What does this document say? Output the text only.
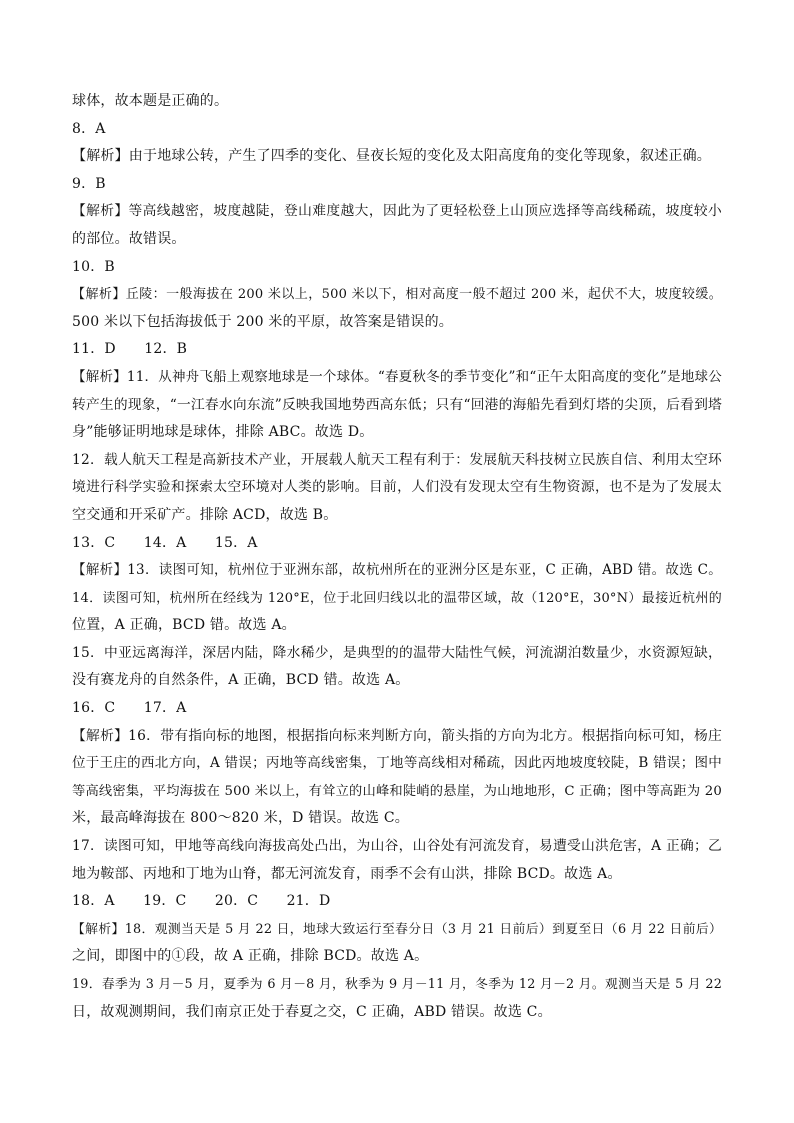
球体，故本题是正确的。
8．A
【解析】由于地球公转，产生了四季的变化、昼夜长短的变化及太阳高度角的变化等现象，叙述正确。
9．B
【解析】等高线越密，坡度越陡，登山难度越大，因此为了更轻松登上山顶应选择等高线稀疏，坡度较小
的部位。故错误。
10．B
【解析】丘陵：一般海拔在 200 米以上，500 米以下，相对高度一般不超过 200 米，起伏不大，坡度较缓。
500 米以下包括海拔低于 200 米的平原，故答案是错误的。
11．D　　12．B
【解析】11．从神舟飞船上观察地球是一个球体。“春夏秋冬的季节变化”和“正午太阳高度的变化”是地球公
转产生的现象，“一江春水向东流”反映我国地势西高东低；只有“回港的海船先看到灯塔的尖顶，后看到塔
身”能够证明地球是球体，排除 ABC。故选 D。
12．载人航天工程是高新技术产业，开展载人航天工程有利于：发展航天科技树立民族自信、利用太空环
境进行科学实验和探索太空环境对人类的影响。目前，人们没有发现太空有生物资源，也不是为了发展太
空交通和开采矿产。排除 ACD，故选 B。
13．C　　14．A　　15．A
【解析】13．读图可知，杭州位于亚洲东部，故杭州所在的亚洲分区是东亚，C 正确，ABD 错。故选 C。
14．读图可知，杭州所在经线为 120°E，位于北回归线以北的温带区域，故（120°E，30°N）最接近杭州的
位置，A 正确，BCD 错。故选 A。
15．中亚远离海洋，深居内陆，降水稀少，是典型的的温带大陆性气候，河流湖泊数量少，水资源短缺，
没有赛龙舟的自然条件，A 正确，BCD 错。故选 A。
16．C　　17．A
【解析】16．带有指向标的地图，根据指向标来判断方向，箭头指的方向为北方。根据指向标可知，杨庄
位于王庄的西北方向，A 错误；丙地等高线密集，丁地等高线相对稀疏，因此丙地坡度较陡，B 错误；图中
等高线密集，平均海拔在 500 米以上，有耸立的山峰和陡峭的悬崖，为山地地形，C 正确；图中等高距为 20
米，最高峰海拔在 800～820 米，D 错误。故选 C。
17．读图可知，甲地等高线向海拔高处凸出，为山谷，山谷处有河流发育，易遭受山洪危害，A 正确；乙
地为鞍部、丙地和丁地为山脊，都无河流发育，雨季不会有山洪，排除 BCD。故选 A。
18．A　　19．C　　20．C　　21．D
【解析】18．观测当天是 5 月 22 日，地球大致运行至春分日（3 月 21 日前后）到夏至日（6 月 22 日前后）
之间，即图中的①段，故 A 正确，排除 BCD。故选 A。
19．春季为 3 月－5 月，夏季为 6 月－8 月，秋季为 9 月－11 月，冬季为 12 月－2 月。观测当天是 5 月 22
日，故观测期间，我们南京正处于春夏之交，C 正确，ABD 错误。故选 C。
